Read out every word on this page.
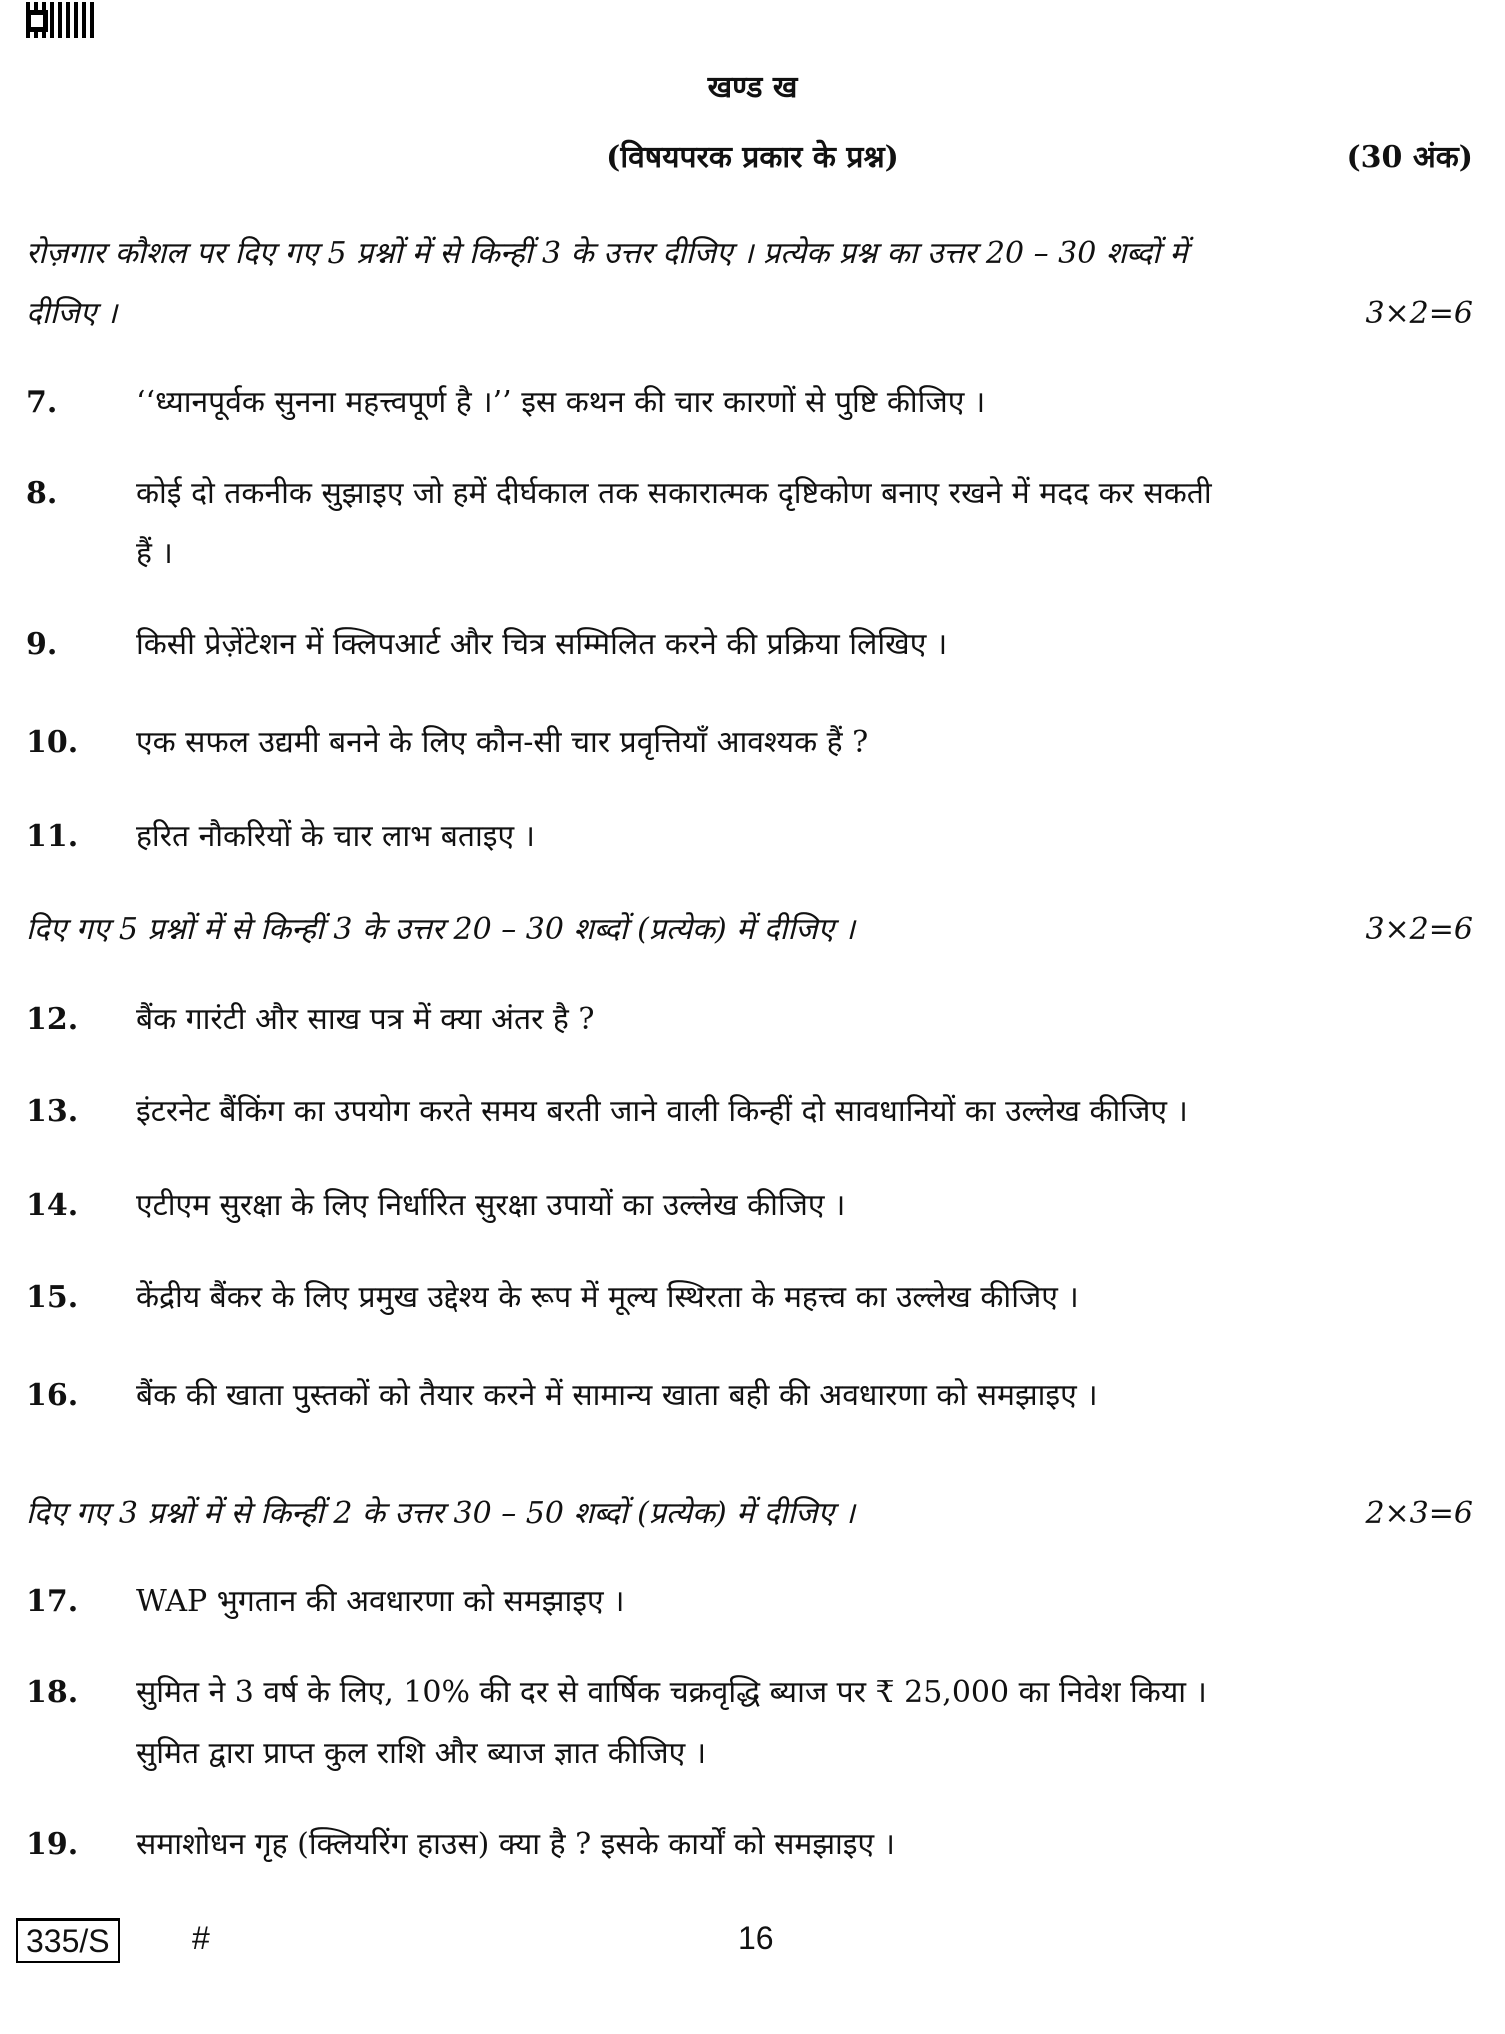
खण्ड ख
(विषयपरक प्रकार के प्रश्न)	(30 अंक)
रोज़गार कौशल पर दिए गए 5 प्रश्नों में से किन्हीं 3 के उत्तर दीजिए । प्रत्येक प्रश्न का उत्तर 20 – 30 शब्दों में
दीजिए ।	3×2=6
7.	‘‘ध्यानपूर्वक सुनना महत्त्वपूर्ण है ।’’ इस कथन की चार कारणों से पुष्टि कीजिए ।
8.	कोई दो तकनीक सुझाइए जो हमें दीर्घकाल तक सकारात्मक दृष्टिकोण बनाए रखने में मदद कर सकती
हैं ।
9.	किसी प्रेज़ेंटेशन में क्लिपआर्ट और चित्र सम्मिलित करने की प्रक्रिया लिखिए ।
10. एक सफल उद्यमी बनने के लिए कौन-सी चार प्रवृत्तियाँ आवश्यक हैं ?
11. हरित नौकरियों के चार लाभ बताइए ।
दिए गए 5 प्रश्नों में से किन्हीं 3 के उत्तर 20 – 30 शब्दों (प्रत्येक) में दीजिए ।	3×2=6
12. बैंक गारंटी और साख पत्र में क्या अंतर है ?
13. इंटरनेट बैंकिंग का उपयोग करते समय बरती जाने वाली किन्हीं दो सावधानियों का उल्लेख कीजिए ।
14. एटीएम सुरक्षा के लिए निर्धारित सुरक्षा उपायों का उल्लेख कीजिए ।
15. केंद्रीय बैंकर के लिए प्रमुख उद्देश्य के रूप में मूल्य स्थिरता के महत्त्व का उल्लेख कीजिए ।
16. बैंक की खाता पुस्तकों को तैयार करने में सामान्य खाता बही की अवधारणा को समझाइए ।
दिए गए 3 प्रश्नों में से किन्हीं 2 के उत्तर 30 – 50 शब्दों (प्रत्येक) में दीजिए ।	2×3=6
17. WAP भुगतान की अवधारणा को समझाइए ।
18. सुमित ने 3 वर्ष के लिए, 10% की दर से वार्षिक चक्रवृद्धि ब्याज पर ₹ 25,000 का निवेश किया ।
सुमित द्वारा प्राप्त कुल राशि और ब्याज ज्ञात कीजिए ।
19. समाशोधन गृह (क्लियरिंग हाउस) क्या है ? इसके कार्यों को समझाइए ।
335/S	#	16
